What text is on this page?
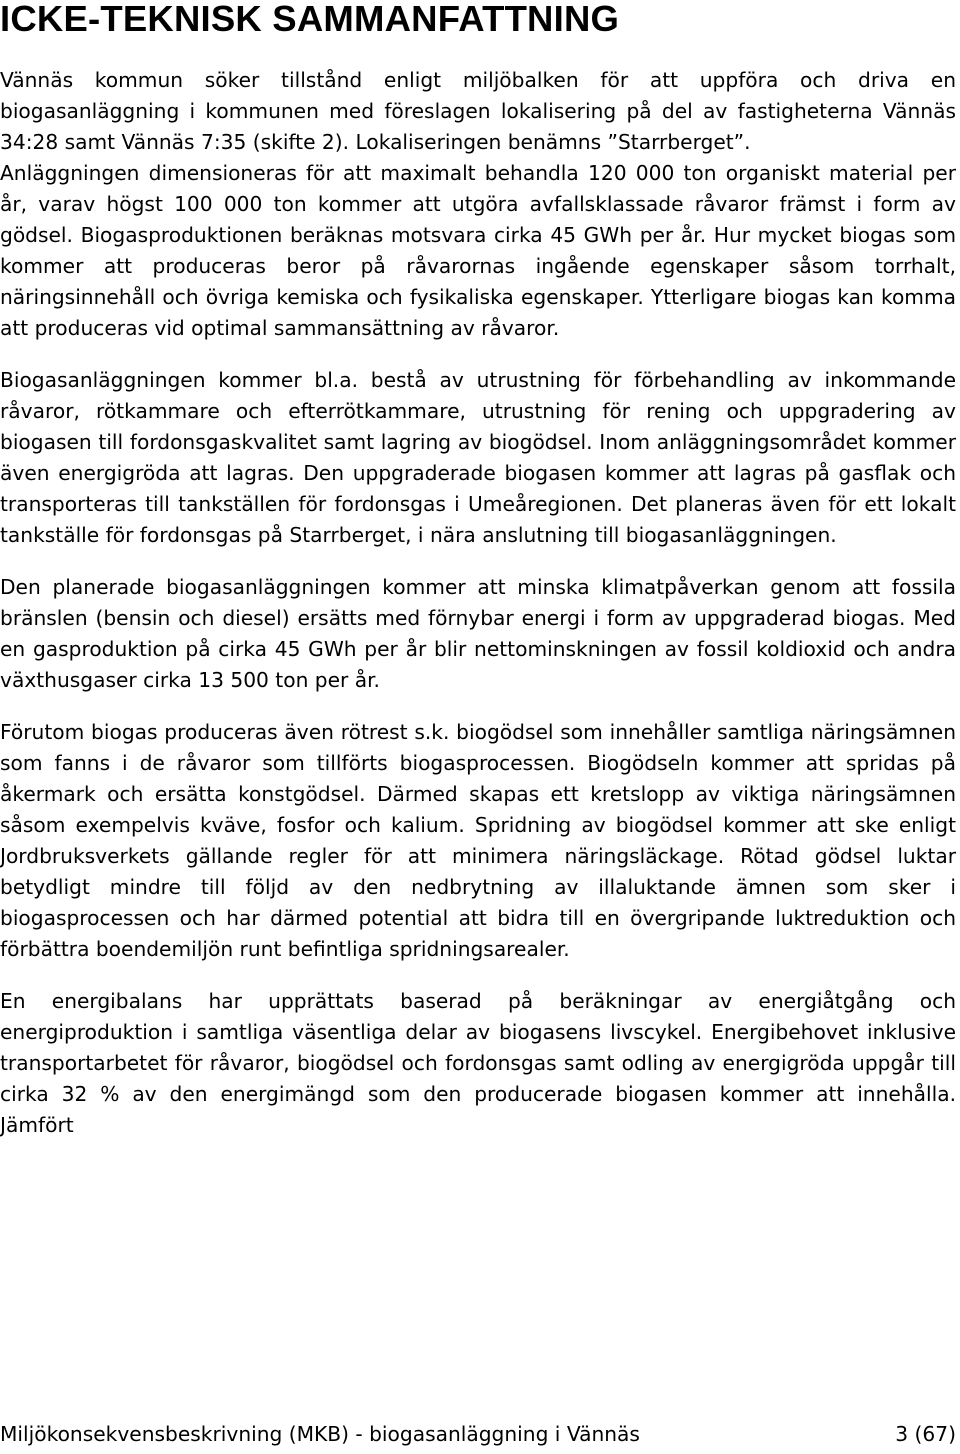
ICKE-TEKNISK SAMMANFATTNING

Vännäs kommun söker tillstånd enligt miljöbalken för att uppföra och driva en biogasanläggning i kommunen med föreslagen lokalisering på del av fastigheterna Vännäs 34:28 samt Vännäs 7:35 (skifte 2). Lokaliseringen benämns ”Starrberget”.

Anläggningen dimensioneras för att maximalt behandla 120 000 ton organiskt material per år, varav högst 100 000 ton kommer att utgöra avfallsklassade råvaror främst i form av gödsel. Biogasproduktionen beräknas motsvara cirka 45 GWh per år. Hur mycket biogas som kommer att produceras beror på råvarornas ingående egenskaper såsom torrhalt, näringsinnehåll och övriga kemiska och fysikaliska egenskaper. Ytterligare biogas kan komma att produceras vid optimal sammansättning av råvaror.

Biogasanläggningen kommer bl.a. bestå av utrustning för förbehandling av inkommande råvaror, rötkammare och efterrötkammare, utrustning för rening och uppgradering av biogasen till fordonsgaskvalitet samt lagring av biogödsel. Inom anläggningsområdet kommer även energigröda att lagras. Den uppgraderade biogasen kommer att lagras på gasflak och transporteras till tankställen för fordonsgas i Umeåregionen. Det planeras även för ett lokalt tankställe för fordonsgas på Starrberget, i nära anslutning till biogasanläggningen.

Den planerade biogasanläggningen kommer att minska klimatpåverkan genom att fossila bränslen (bensin och diesel) ersätts med förnybar energi i form av uppgraderad biogas. Med en gasproduktion på cirka 45 GWh per år blir nettominskningen av fossil koldioxid och andra växthusgaser cirka 13 500 ton per år.

Förutom biogas produceras även rötrest s.k. biogödsel som innehåller samtliga näringsämnen som fanns i de råvaror som tillförts biogasprocessen. Biogödseln kommer att spridas på åkermark och ersätta konstgödsel. Därmed skapas ett kretslopp av viktiga näringsämnen såsom exempelvis kväve, fosfor och kalium. Spridning av biogödsel kommer att ske enligt Jordbruksverkets gällande regler för att minimera näringsläckage. Rötad gödsel luktar betydligt mindre till följd av den nedbrytning av illaluktande ämnen som sker i biogasprocessen och har därmed potential att bidra till en övergripande luktreduktion och förbättra boendemiljön runt befintliga spridningsarealer.

En energibalans har upprättats baserad på beräkningar av energiåtgång och energiproduktion i samtliga väsentliga delar av biogasens livscykel. Energibehovet inklusive transportarbetet för råvaror, biogödsel och fordonsgas samt odling av energigröda uppgår till cirka 32 % av den energimängd som den producerade biogasen kommer att innehålla. Jämfört

Miljökonsekvensbeskrivning (MKB) - biogasanläggning i Vännäs	3 (67)
